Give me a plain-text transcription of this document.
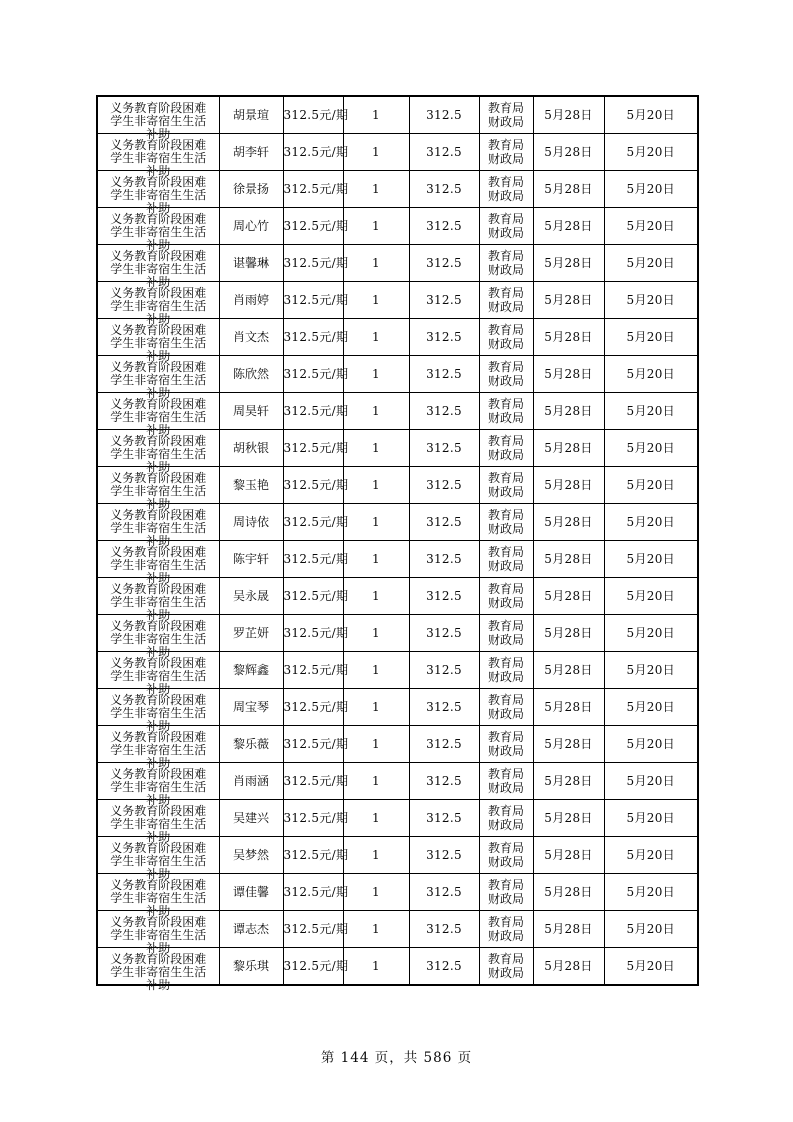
义务教育阶段困难
学生非寄宿生生活
补助	胡景瑄	312.5元/期	1	312.5	教育局
财政局	5月28日	5月20日

义务教育阶段困难
学生非寄宿生生活
补助	胡李轩	312.5元/期	1	312.5	教育局
财政局	5月28日	5月20日

义务教育阶段困难
学生非寄宿生生活
补助	徐景扬	312.5元/期	1	312.5	教育局
财政局	5月28日	5月20日

义务教育阶段困难
学生非寄宿生生活
补助	周心竹	312.5元/期	1	312.5	教育局
财政局	5月28日	5月20日

义务教育阶段困难
学生非寄宿生生活
补助	谌馨琳	312.5元/期	1	312.5	教育局
财政局	5月28日	5月20日

义务教育阶段困难
学生非寄宿生生活
补助	肖雨婷	312.5元/期	1	312.5	教育局
财政局	5月28日	5月20日

义务教育阶段困难
学生非寄宿生生活
补助	肖文杰	312.5元/期	1	312.5	教育局
财政局	5月28日	5月20日

义务教育阶段困难
学生非寄宿生生活
补助	陈欣然	312.5元/期	1	312.5	教育局
财政局	5月28日	5月20日

义务教育阶段困难
学生非寄宿生生活
补助	周昊轩	312.5元/期	1	312.5	教育局
财政局	5月28日	5月20日

义务教育阶段困难
学生非寄宿生生活
补助	胡秋银	312.5元/期	1	312.5	教育局
财政局	5月28日	5月20日

义务教育阶段困难
学生非寄宿生生活
补助	黎玉艳	312.5元/期	1	312.5	教育局
财政局	5月28日	5月20日

义务教育阶段困难
学生非寄宿生生活
补助	周诗依	312.5元/期	1	312.5	教育局
财政局	5月28日	5月20日

义务教育阶段困难
学生非寄宿生生活
补助	陈宇轩	312.5元/期	1	312.5	教育局
财政局	5月28日	5月20日

义务教育阶段困难
学生非寄宿生生活
补助	吴永晟	312.5元/期	1	312.5	教育局
财政局	5月28日	5月20日

义务教育阶段困难
学生非寄宿生生活
补助	罗芷妍	312.5元/期	1	312.5	教育局
财政局	5月28日	5月20日

义务教育阶段困难
学生非寄宿生生活
补助	黎辉鑫	312.5元/期	1	312.5	教育局
财政局	5月28日	5月20日

义务教育阶段困难
学生非寄宿生生活
补助	周宝琴	312.5元/期	1	312.5	教育局
财政局	5月28日	5月20日

义务教育阶段困难
学生非寄宿生生活
补助	黎乐薇	312.5元/期	1	312.5	教育局
财政局	5月28日	5月20日

义务教育阶段困难
学生非寄宿生生活
补助	肖雨涵	312.5元/期	1	312.5	教育局
财政局	5月28日	5月20日

义务教育阶段困难
学生非寄宿生生活
补助	吴建兴	312.5元/期	1	312.5	教育局
财政局	5月28日	5月20日

义务教育阶段困难
学生非寄宿生生活
补助	吴梦然	312.5元/期	1	312.5	教育局
财政局	5月28日	5月20日

义务教育阶段困难
学生非寄宿生生活
补助	谭佳馨	312.5元/期	1	312.5	教育局
财政局	5月28日	5月20日

义务教育阶段困难
学生非寄宿生生活
补助	谭志杰	312.5元/期	1	312.5	教育局
财政局	5月28日	5月20日

义务教育阶段困难
学生非寄宿生生活
补助	黎乐琪	312.5元/期	1	312.5	教育局
财政局	5月28日	5月20日
第 144 页，共 586 页
